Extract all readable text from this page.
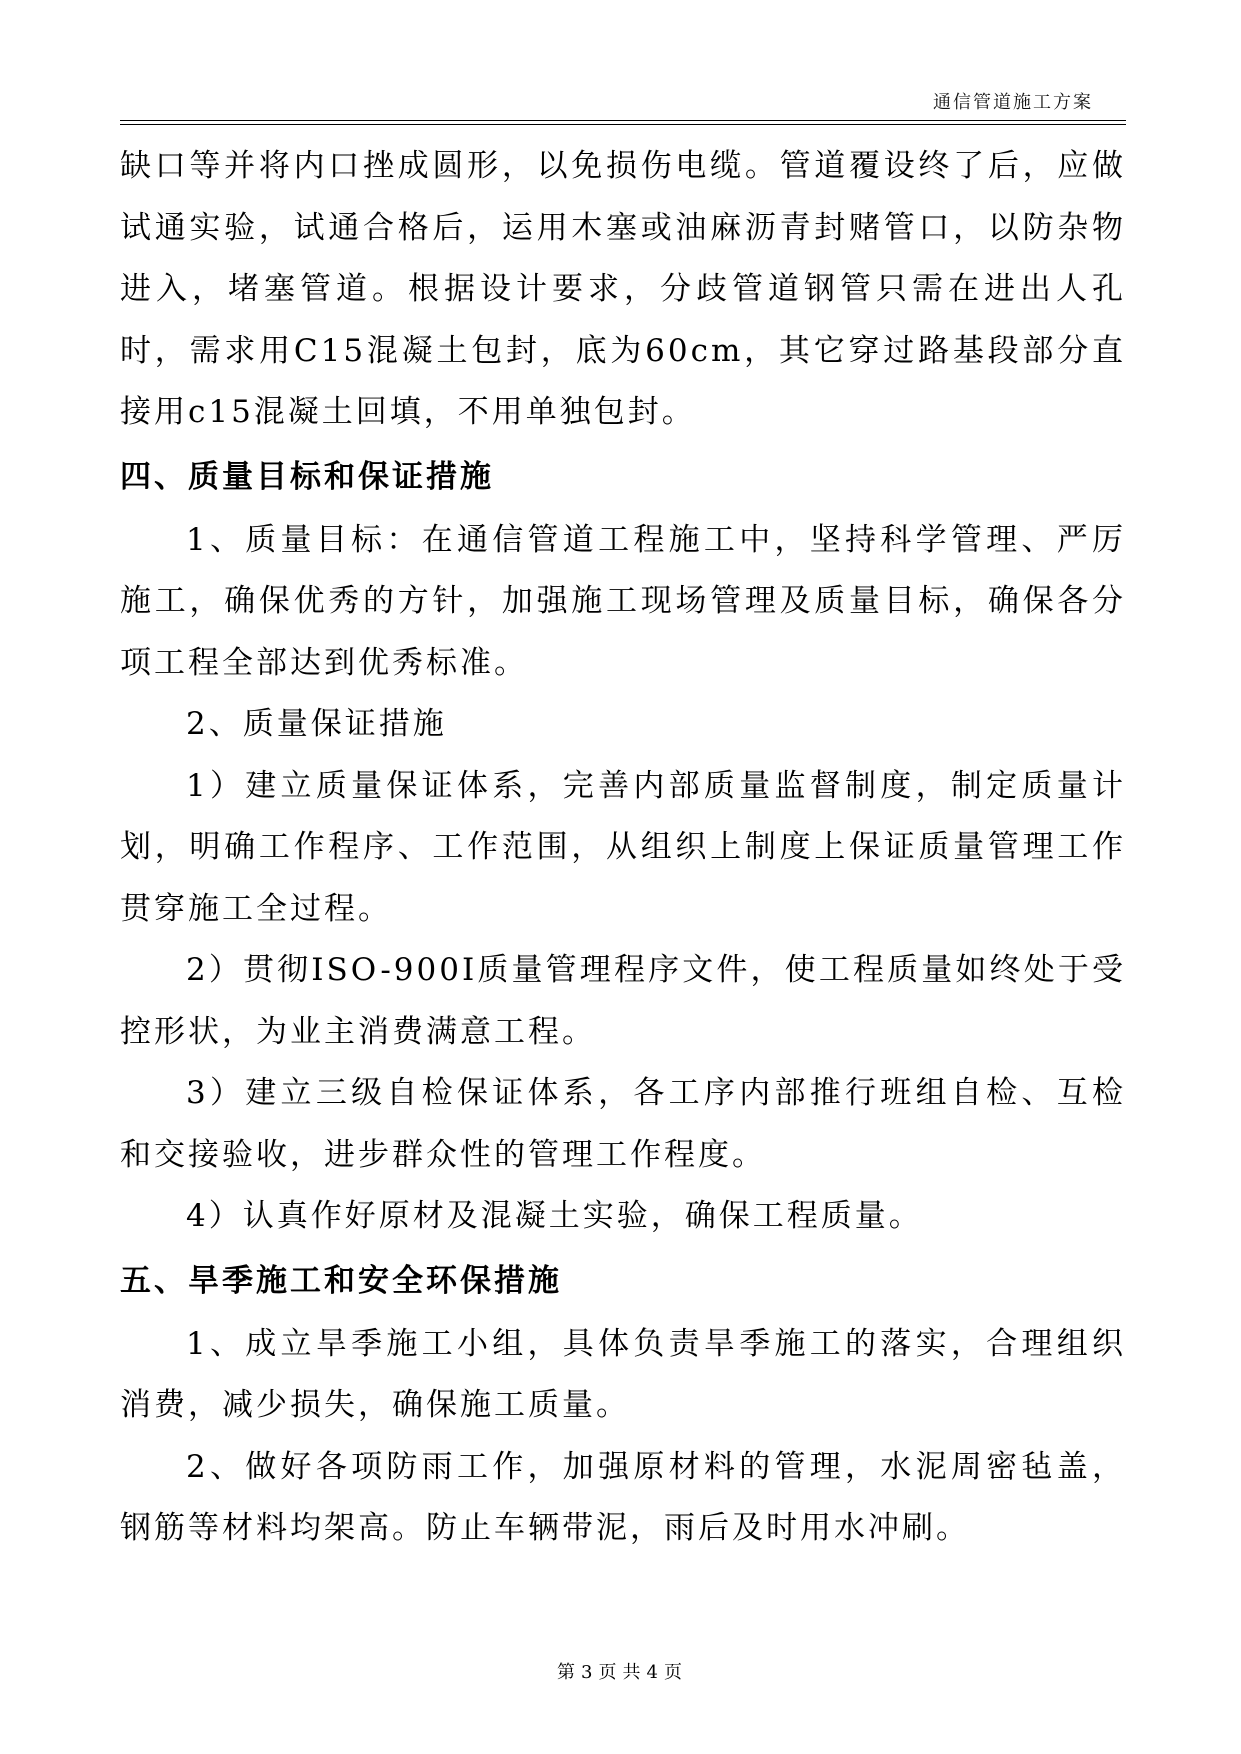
通信管道施工方案

缺口等并将内口挫成圆形，以免损伤电缆。管道覆设终了后，应做试通实验，试通合格后，运用木塞或油麻沥青封赌管口，以防杂物进入，堵塞管道。根据设计要求，分歧管道钢管只需在进出人孔时，需求用C15混凝土包封，底为60cm，其它穿过路基段部分直接用c15混凝土回填，不用单独包封。

四、质量目标和保证措施

1、质量目标：在通信管道工程施工中，坚持科学管理、严厉施工，确保优秀的方针，加强施工现场管理及质量目标，确保各分项工程全部达到优秀标准。

2、质量保证措施

1）建立质量保证体系，完善内部质量监督制度，制定质量计划，明确工作程序、工作范围，从组织上制度上保证质量管理工作贯穿施工全过程。

2）贯彻ISO-900I质量管理程序文件，使工程质量如终处于受控形状，为业主消费满意工程。

3）建立三级自检保证体系，各工序内部推行班组自检、互检和交接验收，进步群众性的管理工作程度。

4）认真作好原材及混凝土实验，确保工程质量。

五、旱季施工和安全环保措施

1、成立旱季施工小组，具体负责旱季施工的落实，合理组织消费，减少损失，确保施工质量。

2、做好各项防雨工作，加强原材料的管理，水泥周密毡盖，钢筋等材料均架高。防止车辆带泥，雨后及时用水冲刷。

第 3 页 共 4 页
